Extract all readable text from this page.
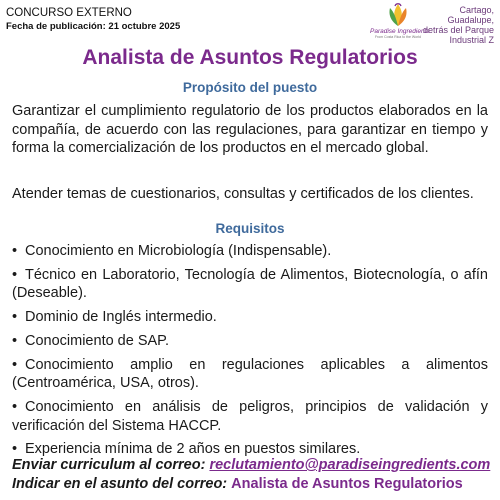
CONCURSO EXTERNO
Fecha de publicación: 21 octubre 2025	Paradise Ingredients
From Costa Rica to the World
Cartago, Guadalupe, detrás del Parque Industrial Z
Analista de Asuntos Regulatorios
Propósito del puesto
Garantizar el cumplimiento regulatorio de los productos elaborados en la compañía, de acuerdo con las regulaciones, para garantizar en tiempo y forma la comercialización de los productos en el mercado global.
Atender temas de cuestionarios, consultas y certificados de los clientes.
Requisitos
• Conocimiento en Microbiología (Indispensable).
• Técnico en Laboratorio, Tecnología de Alimentos, Biotecnología, o afín (Deseable).
• Dominio de Inglés intermedio.
• Conocimiento de SAP.
• Conocimiento amplio en regulaciones aplicables a alimentos (Centroamérica, USA, otros).
• Conocimiento en análisis de peligros, principios de validación y verificación del Sistema HACCP.
• Experiencia mínima de 2 años en puestos similares.
Enviar curriculum al correo: reclutamiento@paradiseingredients.com
Indicar en el asunto del correo: Analista de Asuntos Regulatorios
